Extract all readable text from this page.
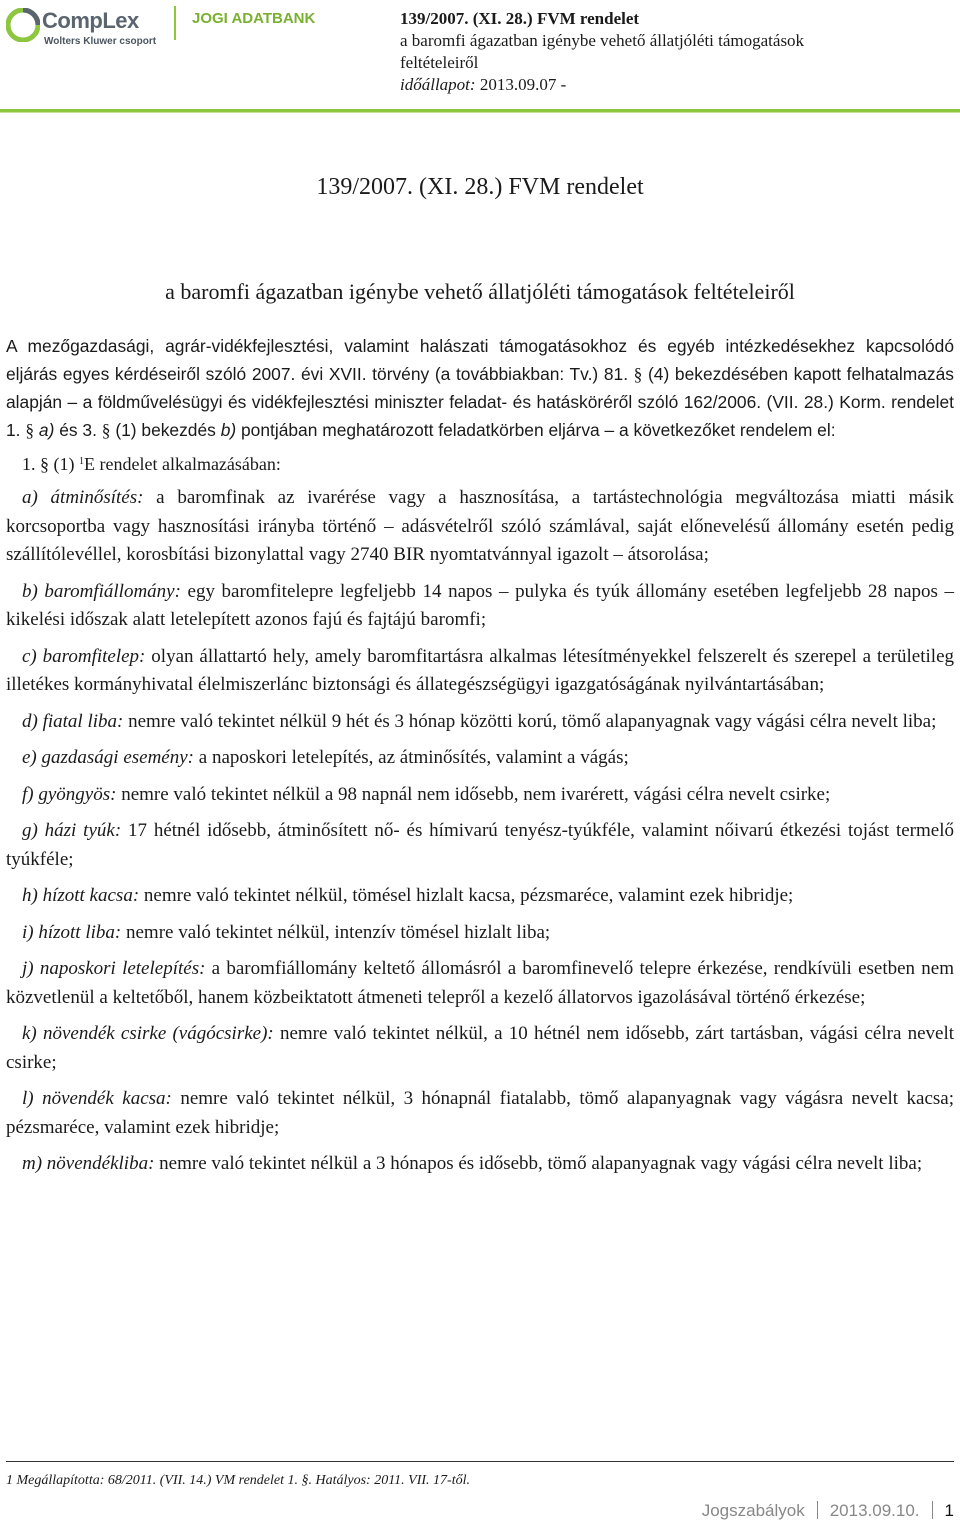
CompLex
Wolters Kluwer csoport
JOGI ADATBANK	139/2007. (XI. 28.) FVM rendelet
a baromfi ágazatban igénybe vehető állatjóléti támogatások
feltételeiről
időállapot: 2013.09.07 -
139/2007. (XI. 28.) FVM rendelet
a baromfi ágazatban igénybe vehető állatjóléti támogatások feltételeiről

A mezőgazdasági, agrár-vidékfejlesztési, valamint halászati támogatásokhoz és egyéb intézkedésekhez kapcsolódó eljárás egyes kérdéseiről szóló 2007. évi XVII. törvény (a továbbiakban: Tv.) 81. § (4) bekezdésében kapott felhatalmazás alapján – a földművelésügyi és vidékfejlesztési miniszter feladat- és hatásköréről szóló 162/2006. (VII. 28.) Korm. rendelet 1. § a) és 3. § (1) bekezdés b) pontjában meghatározott feladatkörben eljárva – a következőket rendelem el:

1. § (1) $^1$E rendelet alkalmazásában:

a) átminősítés: a baromfinak az ivarérése vagy a hasznosítása, a tartástechnológia megváltozása miatti másik korcsoportba vagy hasznosítási irányba történő – adásvételről szóló számlával, saját előnevelésű állomány esetén pedig szállítólevéllel, korosbítási bizonylattal vagy 2740 BIR nyomtatvánnyal igazolt – átsorolása;

b) baromfiállomány: egy baromfitelepre legfeljebb 14 napos – pulyka és tyúk állomány esetében legfeljebb 28 napos – kikelési időszak alatt letelepített azonos fajú és fajtájú baromfi;

c) baromfitelep: olyan állattartó hely, amely baromfitartásra alkalmas létesítményekkel felszerelt és szerepel a területileg illetékes kormányhivatal élelmiszerlánc biztonsági és állategészségügyi igazgatóságának nyilvántartásában;

d) fiatal liba: nemre való tekintet nélkül 9 hét és 3 hónap közötti korú, tömő alapanyagnak vagy vágási célra nevelt liba;

e) gazdasági esemény: a naposkori letelepítés, az átminősítés, valamint a vágás;

f) gyöngyös: nemre való tekintet nélkül a 98 napnál nem idősebb, nem ivarérett, vágási célra nevelt csirke;

g) házi tyúk: 17 hétnél idősebb, átminősített nő- és hímivarú tenyész-tyúkféle, valamint nőivarú étkezési tojást termelő tyúkféle;

h) hízott kacsa: nemre való tekintet nélkül, tömésel hizlalt kacsa, pézsmaréce, valamint ezek hibridje;

i) hízott liba: nemre való tekintet nélkül, intenzív tömésel hizlalt liba;

j) naposkori letelepítés: a baromfiállomány keltető állomásról a baromfinevelő telepre érkezése, rendkívüli esetben nem közvetlenül a keltetőből, hanem közbeiktatott átmeneti telepről a kezelő állatorvos igazolásával történő érkezése;

k) növendék csirke (vágócsirke): nemre való tekintet nélkül, a 10 hétnél nem idősebb, zárt tartásban, vágási célra nevelt csirke;

l) növendék kacsa: nemre való tekintet nélkül, 3 hónapnál fiatalabb, tömő alapanyagnak vagy vágásra nevelt kacsa; pézsmaréce, valamint ezek hibridje;

m) növendékliba: nemre való tekintet nélkül a 3 hónapos és idősebb, tömő alapanyagnak vagy vágási célra nevelt liba;

1 Megállapította: 68/2011. (VII. 14.) VM rendelet 1. §. Hatályos: 2011. VII. 17-től.
Jogszabályok 2013.09.10. 1
